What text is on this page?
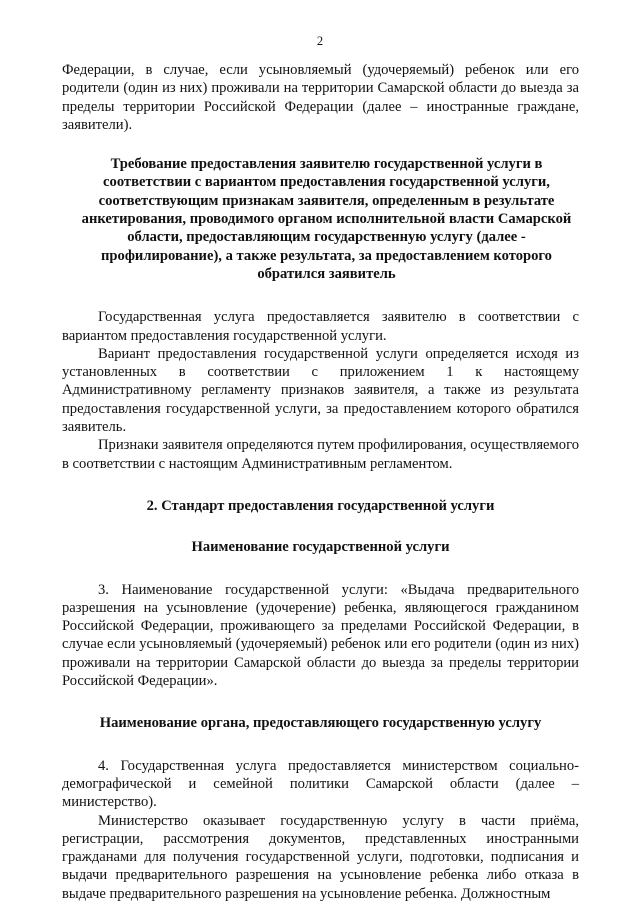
2

Федерации, в случае, если усыновляемый (удочеряемый) ребенок или его родители (один из них) проживали на территории Самарской области до выезда за пределы территории Российской Федерации (далее – иностранные граждане, заявители).

Требование предоставления заявителю государственной услуги в соответствии с вариантом предоставления государственной услуги, соответствующим признакам заявителя, определенным в результате анкетирования, проводимого органом исполнительной власти Самарской области, предоставляющим государственную услугу (далее - профилирование), а также результата, за предоставлением которого обратился заявитель

Государственная услуга предоставляется заявителю в соответствии с вариантом предоставления государственной услуги.

Вариант предоставления государственной услуги определяется исходя из установленных в соответствии с приложением 1 к настоящему Административному регламенту признаков заявителя, а также из результата предоставления государственной услуги, за предоставлением которого обратился заявитель.

Признаки заявителя определяются путем профилирования, осуществляемого в соответствии с настоящим Административным регламентом.

2. Стандарт предоставления государственной услуги

Наименование государственной услуги

3. Наименование государственной услуги: «Выдача предварительного разрешения на усыновление (удочерение) ребенка, являющегося гражданином Российской Федерации, проживающего за пределами Российской Федерации, в случае если усыновляемый (удочеряемый) ребенок или его родители (один из них) проживали на территории Самарской области до выезда за пределы территории Российской Федерации».

Наименование органа, предоставляющего государственную услугу

4. Государственная услуга предоставляется министерством социально-демографической и семейной политики Самарской области (далее – министерство).

Министерство оказывает государственную услугу в части приёма, регистрации, рассмотрения документов, представленных иностранными гражданами для получения государственной услуги, подготовки, подписания и выдачи предварительного разрешения на усыновление ребенка либо отказа в выдаче предварительного разрешения на усыновление ребенка. Должностным
